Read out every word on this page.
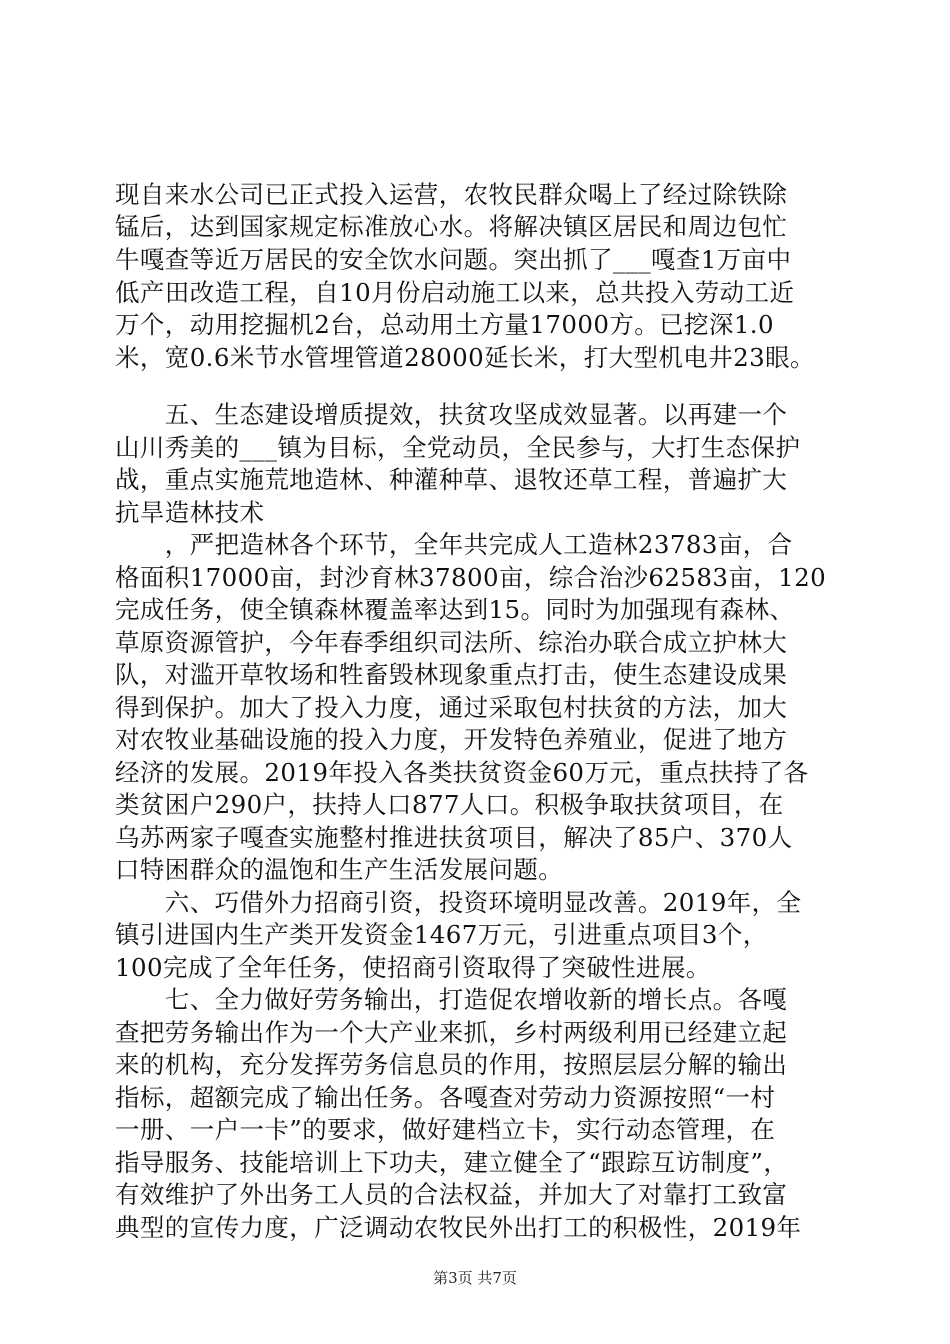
现自来水公司已正式投入运营，农牧民群众喝上了经过除铁除
锰后，达到国家规定标准放心水。将解决镇区居民和周边包忙
牛嘎查等近万居民的安全饮水问题。突出抓了___嘎查1万亩中
低产田改造工程，自10月份启动施工以来，总共投入劳动工近
万个，动用挖掘机2台，总动用土方量17000方。已挖深1.0
米，宽0.6米节水管埋管道28000延长米，打大型机电井23眼。
　　五、生态建设增质提效，扶贫攻坚成效显著。以再建一个
山川秀美的___镇为目标，全党动员，全民参与，大打生态保护
战，重点实施荒地造林、种灌种草、退牧还草工程，普遍扩大
抗旱造林技术
　　，严把造林各个环节，全年共完成人工造林23783亩，合
格面积17000亩，封沙育林37800亩，综合治沙62583亩，120
完成任务，使全镇森林覆盖率达到15。同时为加强现有森林、
草原资源管护，今年春季组织司法所、综治办联合成立护林大
队，对滥开草牧场和牲畜毁林现象重点打击，使生态建设成果
得到保护。加大了投入力度，通过采取包村扶贫的方法，加大
对农牧业基础设施的投入力度，开发特色养殖业，促进了地方
经济的发展。2019年投入各类扶贫资金60万元，重点扶持了各
类贫困户290户，扶持人口877人口。积极争取扶贫项目，在
乌苏两家子嘎查实施整村推进扶贫项目，解决了85户、370人
口特困群众的温饱和生产生活发展问题。
　　六、巧借外力招商引资，投资环境明显改善。2019年，全
镇引进国内生产类开发资金1467万元，引进重点项目3个，
100完成了全年任务，使招商引资取得了突破性进展。
　　七、全力做好劳务输出，打造促农增收新的增长点。各嘎
查把劳务输出作为一个大产业来抓，乡村两级利用已经建立起
来的机构，充分发挥劳务信息员的作用，按照层层分解的输出
指标，超额完成了输出任务。各嘎查对劳动力资源按照“一村
一册、一户一卡”的要求，做好建档立卡，实行动态管理，在
指导服务、技能培训上下功夫，建立健全了“跟踪互访制度”，
有效维护了外出务工人员的合法权益，并加大了对靠打工致富
典型的宣传力度，广泛调动农牧民外出打工的积极性，2019年
第3页 共7页
